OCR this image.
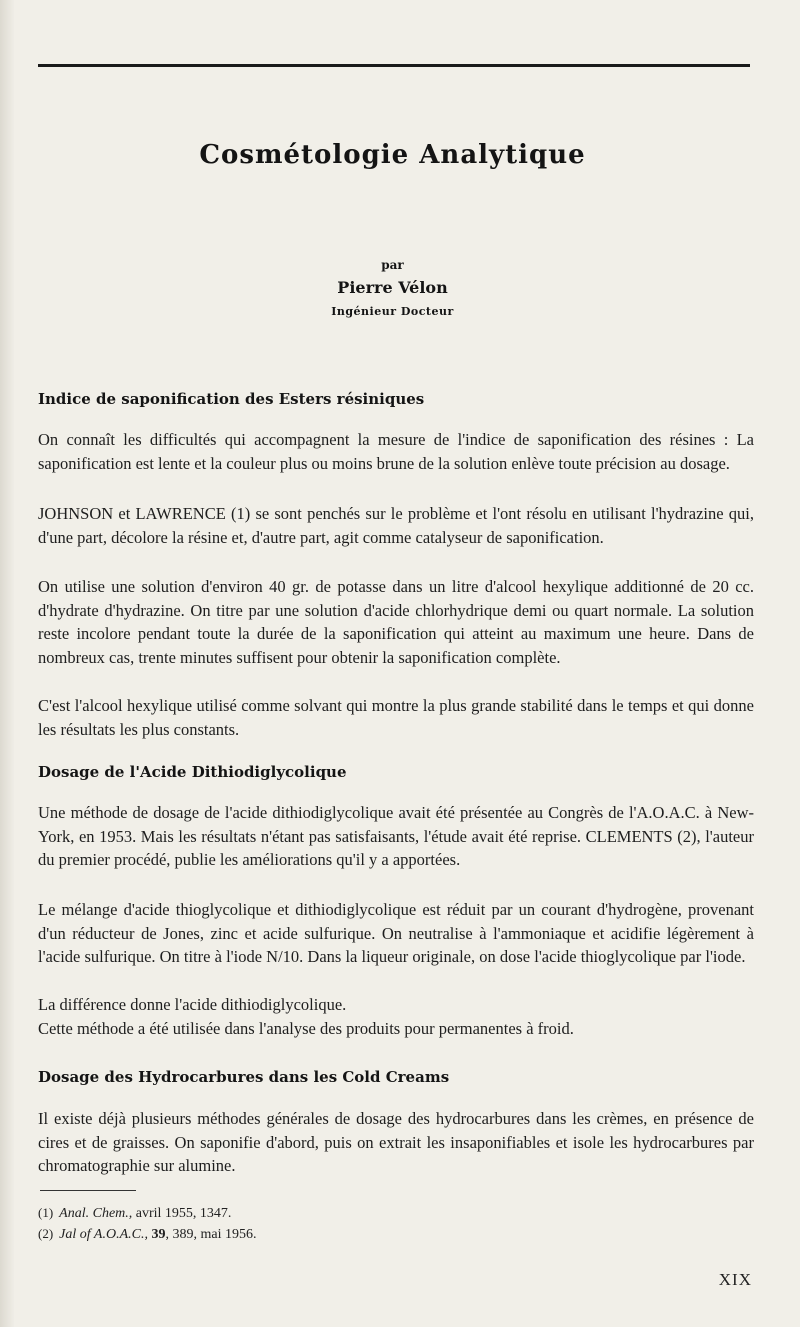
Cosmétologie Analytique
par
Pierre Vélon
Ingénieur Docteur
Indice de saponification des Esters résiniques

On connaît les difficultés qui accompagnent la mesure de l'indice de saponification des résines : La saponification est lente et la couleur plus ou moins brune de la solution enlève toute précision au dosage.

JOHNSON et LAWRENCE (1) se sont penchés sur le problème et l'ont résolu en utilisant l'hydrazine qui, d'une part, décolore la résine et, d'autre part, agit comme catalyseur de saponification.

On utilise une solution d'environ 40 gr. de potasse dans un litre d'alcool hexylique additionné de 20 cc. d'hydrate d'hydrazine. On titre par une solution d'acide chlorhydrique demi ou quart normale. La solution reste incolore pendant toute la durée de la saponification qui atteint au maximum une heure. Dans de nombreux cas, trente minutes suffisent pour obtenir la saponification complète.

C'est l'alcool hexylique utilisé comme solvant qui montre la plus grande stabilité dans le temps et qui donne les résultats les plus constants.

Dosage de l'Acide Dithiodiglycolique

Une méthode de dosage de l'acide dithiodiglycolique avait été présentée au Congrès de l'A.O.A.C. à New-York, en 1953. Mais les résultats n'étant pas satisfaisants, l'étude avait été reprise. CLEMENTS (2), l'auteur du premier procédé, publie les améliorations qu'il y a apportées.

Le mélange d'acide thioglycolique et dithiodiglycolique est réduit par un courant d'hydrogène, provenant d'un réducteur de Jones, zinc et acide sulfurique. On neutralise à l'ammoniaque et acidifie légèrement à l'acide sulfurique. On titre à l'iode N/10. Dans la liqueur originale, on dose l'acide thioglycolique par l'iode.

La différence donne l'acide dithiodiglycolique.

Cette méthode a été utilisée dans l'analyse des produits pour permanentes à froid.

Dosage des Hydrocarbures dans les Cold Creams

Il existe déjà plusieurs méthodes générales de dosage des hydrocarbures dans les crèmes, en présence de cires et de graisses. On saponifie d'abord, puis on extrait les insaponifiables et isole les hydrocarbures par chromatographie sur alumine.

(1) Anal. Chem., avril 1955, 1347.
(2) Jal of A.O.A.C., 39, 389, mai 1956.
XIX
